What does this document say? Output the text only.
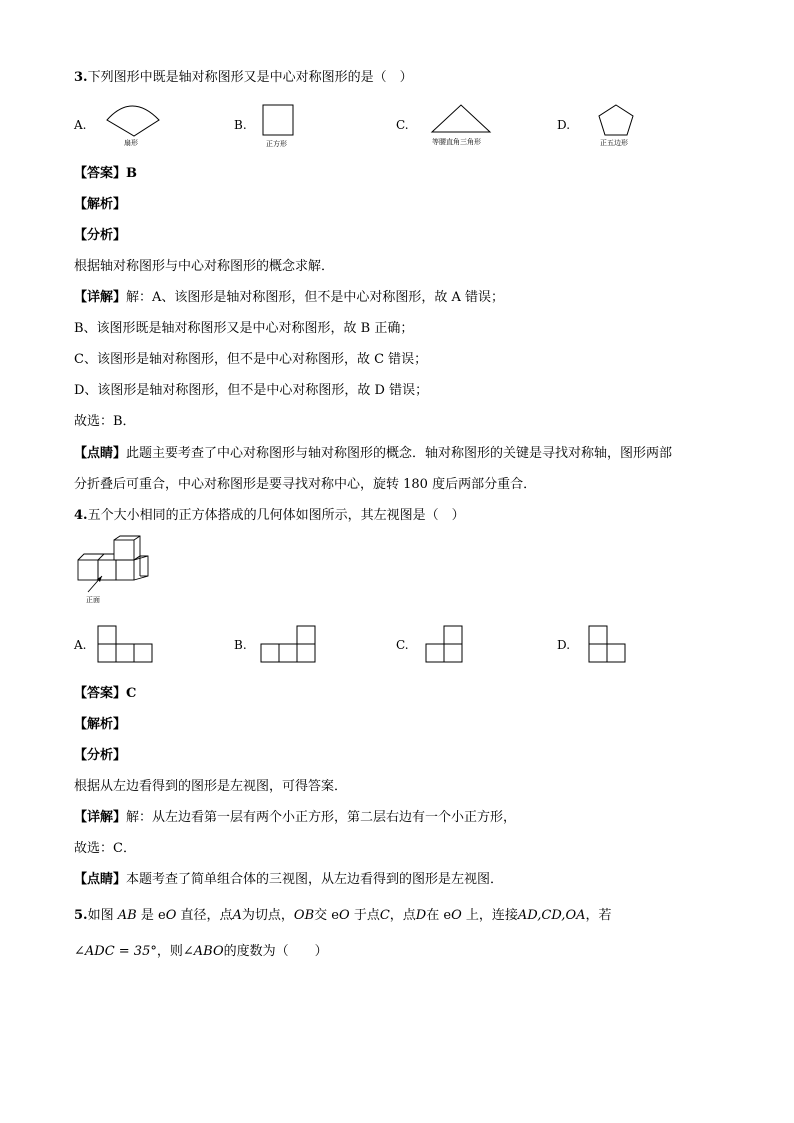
3.下列图形中既是轴对称图形又是中心对称图形的是（　）
A.
扇形
B.
正方形
C.
等腰直角三角形
D.
正五边形
【答案】B
【解析】
【分析】
根据轴对称图形与中心对称图形的概念求解．
【详解】解：A、该图形是轴对称图形，但不是中心对称图形，故 A 错误；
B、该图形既是轴对称图形又是中心对称图形，故 B 正确；
C、该图形是轴对称图形，但不是中心对称图形，故 C 错误；
D、该图形是轴对称图形，但不是中心对称图形，故 D 错误；
故选：B．
【点睛】此题主要考查了中心对称图形与轴对称图形的概念．轴对称图形的关键是寻找对称轴，图形两部
分折叠后可重合，中心对称图形是要寻找对称中心，旋转 180 度后两部分重合．
4.五个大小相同的正方体搭成的几何体如图所示，其左视图是（　）
正面
A.	B.	C.	D.
【答案】C
【解析】
【分析】
根据从左边看得到的图形是左视图，可得答案．
【详解】解：从左边看第一层有两个小正方形，第二层右边有一个小正方形，
故选：C．
【点睛】本题考查了简单组合体的三视图，从左边看得到的图形是左视图．
5.如图 AB 是 eO 直径，点A为切点，OB交 eO 于点C，点D在 eO 上，连接AD,CD,OA，若
∠ADC = 35°，则∠ABO的度数为（　　）
